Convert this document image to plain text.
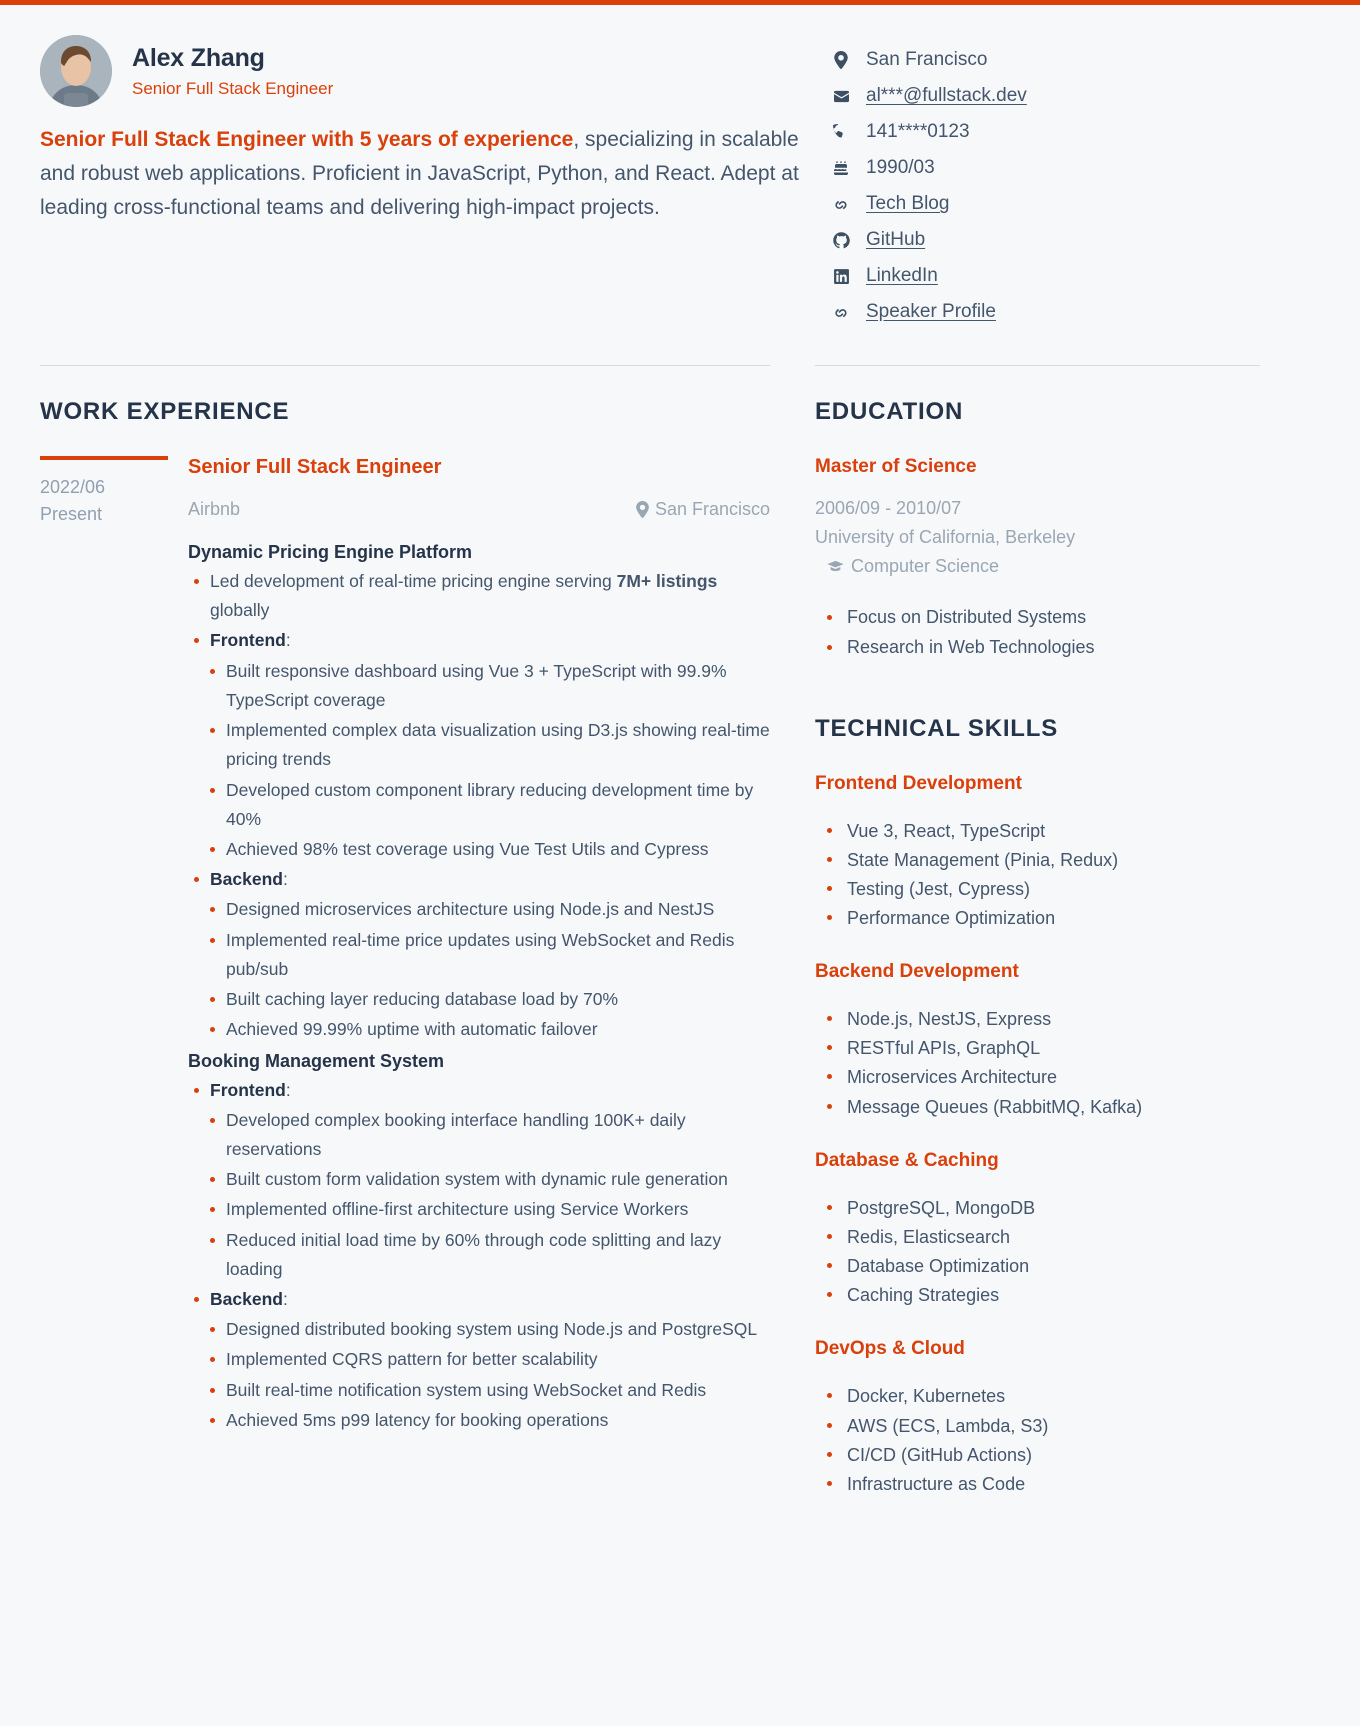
Alex Zhang
Senior Full Stack Engineer
Senior Full Stack Engineer with 5 years of experience, specializing in scalable and robust web applications. Proficient in JavaScript, Python, and React. Adept at leading cross-functional teams and delivering high-impact projects.
San Francisco
al***@fullstack.dev
141****0123
1990/03
Tech Blog
GitHub
LinkedIn
Speaker Profile
WORK EXPERIENCE
2022/06
Present
Senior Full Stack Engineer
Airbnb	San Francisco
Dynamic Pricing Engine Platform
Led development of real-time pricing engine serving 7M+ listings globally
Frontend:
Built responsive dashboard using Vue 3 + TypeScript with 99.9% TypeScript coverage
Implemented complex data visualization using D3.js showing real-time pricing trends
Developed custom component library reducing development time by 40%
Achieved 98% test coverage using Vue Test Utils and Cypress
Backend:
Designed microservices architecture using Node.js and NestJS
Implemented real-time price updates using WebSocket and Redis pub/sub
Built caching layer reducing database load by 70%
Achieved 99.99% uptime with automatic failover
Booking Management System
Frontend:
Developed complex booking interface handling 100K+ daily reservations
Built custom form validation system with dynamic rule generation
Implemented offline-first architecture using Service Workers
Reduced initial load time by 60% through code splitting and lazy loading
Backend:
Designed distributed booking system using Node.js and PostgreSQL
Implemented CQRS pattern for better scalability
Built real-time notification system using WebSocket and Redis
Achieved 5ms p99 latency for booking operations
EDUCATION
Master of Science
2006/09 - 2010/07
University of California, Berkeley
Computer Science
Focus on Distributed Systems
Research in Web Technologies
TECHNICAL SKILLS
Frontend Development
Vue 3, React, TypeScript
State Management (Pinia, Redux)
Testing (Jest, Cypress)
Performance Optimization
Backend Development
Node.js, NestJS, Express
RESTful APIs, GraphQL
Microservices Architecture
Message Queues (RabbitMQ, Kafka)
Database & Caching
PostgreSQL, MongoDB
Redis, Elasticsearch
Database Optimization
Caching Strategies
DevOps & Cloud
Docker, Kubernetes
AWS (ECS, Lambda, S3)
CI/CD (GitHub Actions)
Infrastructure as Code
